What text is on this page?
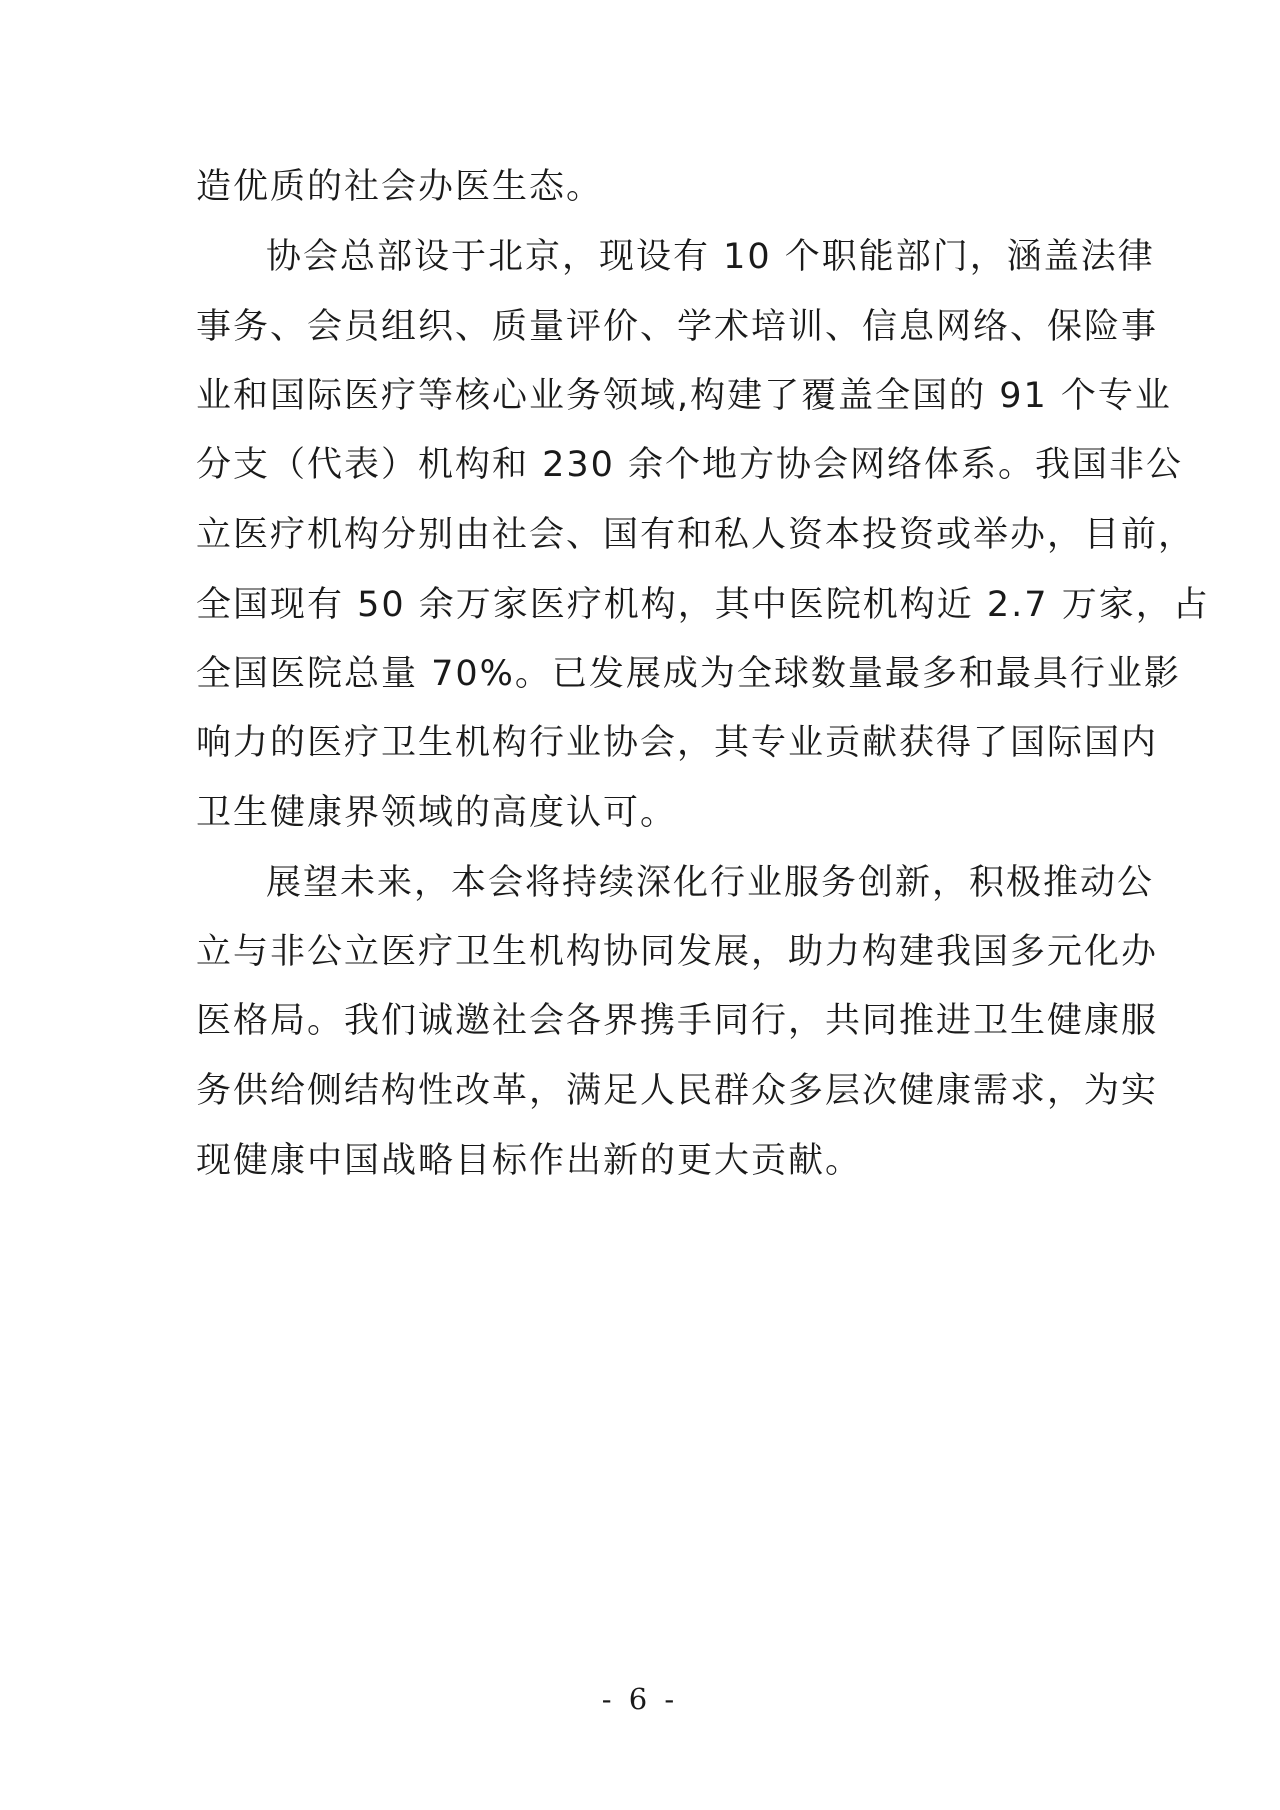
造优质的社会办医生态。
协会总部设于北京，现设有 10 个职能部门，涵盖法律
事务、会员组织、质量评价、学术培训、信息网络、保险事
业和国际医疗等核心业务领域,构建了覆盖全国的 91 个专业
分支（代表）机构和 230 余个地方协会网络体系。我国非公
立医疗机构分别由社会、国有和私人资本投资或举办，目前，
全国现有 50 余万家医疗机构，其中医院机构近 2.7 万家，占
全国医院总量 70%。已发展成为全球数量最多和最具行业影
响力的医疗卫生机构行业协会，其专业贡献获得了国际国内
卫生健康界领域的高度认可。
展望未来，本会将持续深化行业服务创新，积极推动公
立与非公立医疗卫生机构协同发展，助力构建我国多元化办
医格局。我们诚邀社会各界携手同行，共同推进卫生健康服
务供给侧结构性改革，满足人民群众多层次健康需求，为实
现健康中国战略目标作出新的更大贡献。
- 6 -
